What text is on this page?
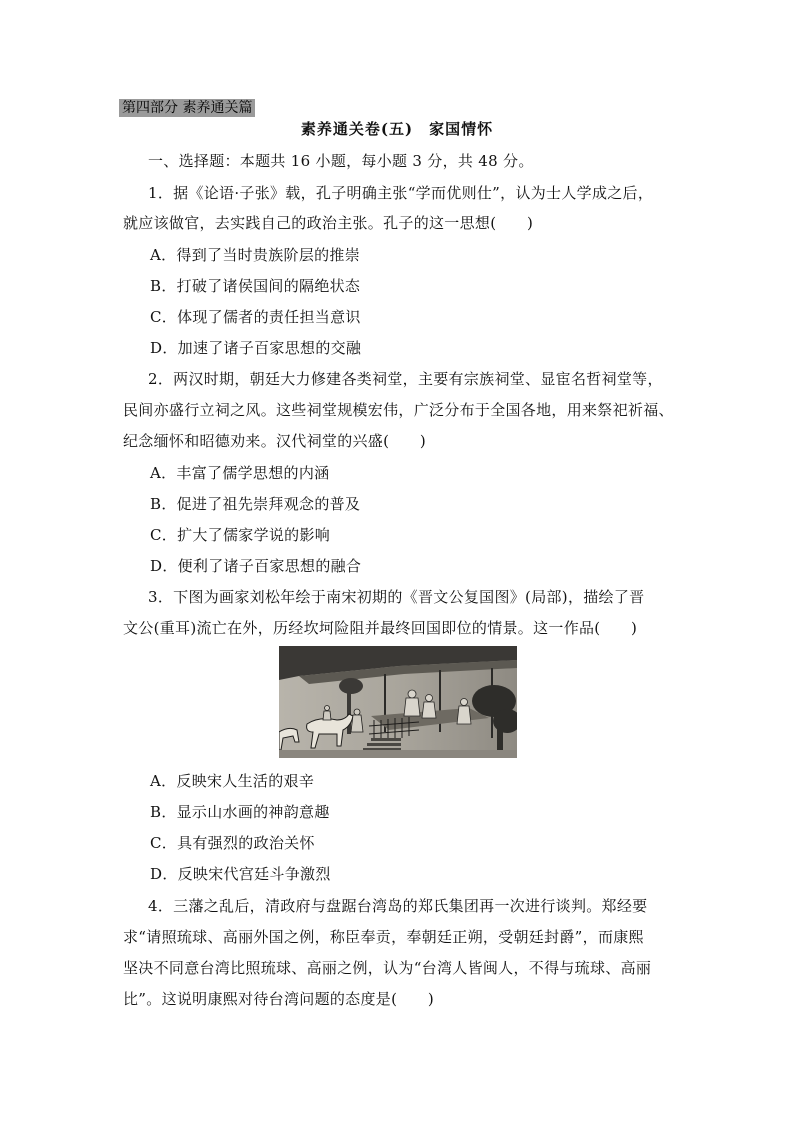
第四部分 素养通关篇
素养通关卷(五)　家国情怀
一、选择题：本题共 16 小题，每小题 3 分，共 48 分。
1．据《论语·子张》载，孔子明确主张“学而优则仕”，认为士人学成之后，
就应该做官，去实践自己的政治主张。孔子的这一思想(　　)
A．得到了当时贵族阶层的推崇
B．打破了诸侯国间的隔绝状态
C．体现了儒者的责任担当意识
D．加速了诸子百家思想的交融
2．两汉时期，朝廷大力修建各类祠堂，主要有宗族祠堂、显宦名哲祠堂等，
民间亦盛行立祠之风。这些祠堂规模宏伟，广泛分布于全国各地，用来祭祀祈福、
纪念缅怀和昭德劝来。汉代祠堂的兴盛(　　)
A．丰富了儒学思想的内涵
B．促进了祖先崇拜观念的普及
C．扩大了儒家学说的影响
D．便利了诸子百家思想的融合
3．下图为画家刘松年绘于南宋初期的《晋文公复国图》(局部)，描绘了晋
文公(重耳)流亡在外，历经坎坷险阻并最终回国即位的情景。这一作品(　　)
A．反映宋人生活的艰辛
B．显示山水画的神韵意趣
C．具有强烈的政治关怀
D．反映宋代宫廷斗争激烈
4．三藩之乱后，清政府与盘踞台湾岛的郑氏集团再一次进行谈判。郑经要
求“请照琉球、高丽外国之例，称臣奉贡，奉朝廷正朔，受朝廷封爵”，而康熙
坚决不同意台湾比照琉球、高丽之例，认为“台湾人皆闽人，不得与琉球、高丽
比”。这说明康熙对待台湾问题的态度是(　　)
